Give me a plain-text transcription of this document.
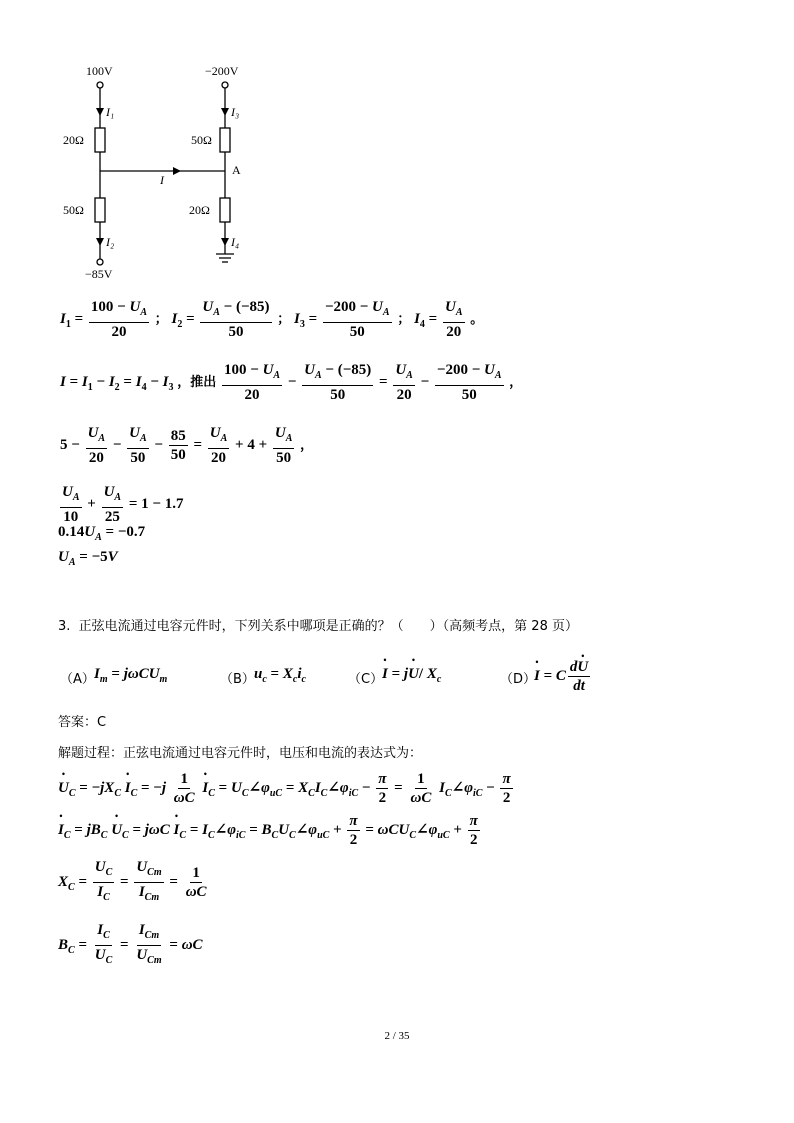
100V	−200V
−85V
I₁
I₂
I₃
I₄
I
A
20Ω
50Ω
50Ω
20Ω
$I_1 = \frac{100 - U_A}{20}$ ； $I_2 = \frac{U_A - (-85)}{50}$ ； $I_3 = \frac{-200 - U_A}{50}$ ； $I_4 = \frac{U_A}{20}$ 。
$I = I_1 - I_2 = I_4 - I_3$ ，推出 $\frac{100 - U_A}{20} - \frac{U_A - (-85)}{50} = \frac{U_A}{20} - \frac{-200 - U_A}{50}$ ，
$5 - \frac{U_A}{20} - \frac{U_A}{50} - \frac{85}{50} = \frac{U_A}{20} + 4 + \frac{U_A}{50}$ ，
$\frac{U_A}{10} + \frac{U_A}{25} = 1 - 1.7$
$0.14U_A = -0.7$
$U_A = -5V$
3. 正弦电流通过电容元件时，下列关系中哪项是正确的？（　　）（高频考点，第 28 页）
（A） $I_m = j\omega CU_m$	（B） $u_c = X_ci_c$	（C）
• I = j• U/ $X_c$	（D）
• I = C $\frac{d• U}{dt}$
答案：C
解题过程：正弦电流通过电容元件时，电压和电流的表达式为：
• $U_C = -jX_C$ • $I_C = -j \frac{1}{\omega C}$ • $I_C$ = $U_C\angle\varphi_{uC}$ = $X_CI_C\angle\varphi_{iC} - \frac{\pi}{2} = \frac{1}{\omega C}$ $I_C\angle\varphi_{iC} - \frac{\pi}{2}$
• $I_C = jB_C$ • $U_C = j\omega C$ • $I_C$ = $I_C\angle\varphi_{iC}$ = $B_CU_C\angle\varphi_{uC} + \frac{\pi}{2}$ = $\omega CU_C\angle\varphi_{uC} + \frac{\pi}{2}$
$X_C = \frac{U_C}{I_C} = \frac{U_{Cm}}{I_{Cm}} = \frac{1}{\omega C}$
$B_C = \frac{I_C}{U_C} = \frac{I_{Cm}}{U_{Cm}} = \omega C$
2 / 35
